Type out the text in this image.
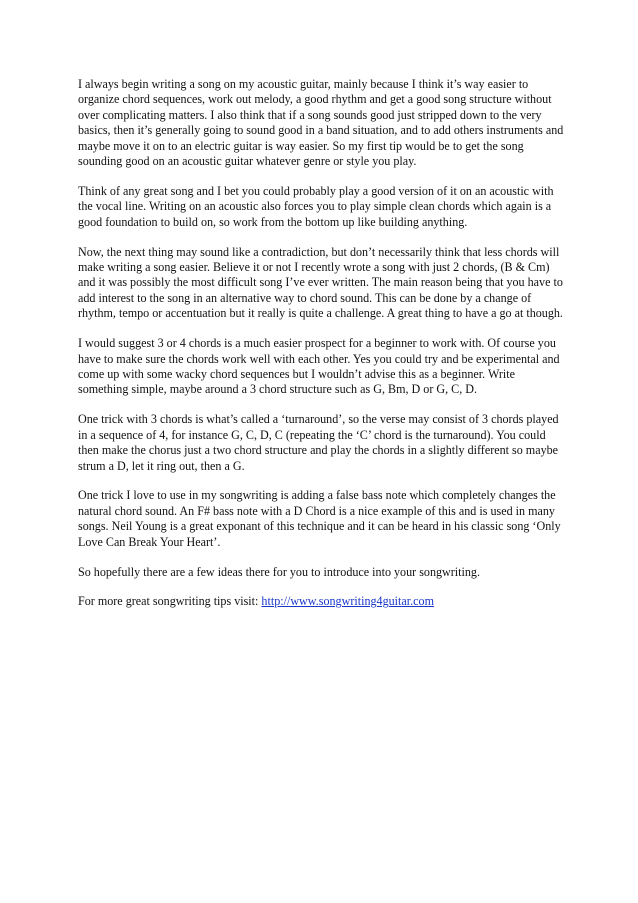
I always begin writing a song on my acoustic guitar, mainly because I think it’s way easier to organize chord sequences, work out melody, a good rhythm and get a good song structure without over complicating matters. I also think that if a song sounds good just stripped down to the very basics, then it’s generally going to sound good in a band situation, and to add others instruments and maybe move it on to an electric guitar is way easier. So my first tip would be to get the song sounding good on an acoustic guitar whatever genre or style you play.

Think of any great song and I bet you could probably play a good version of it on an acoustic with the vocal line. Writing on an acoustic also forces you to play simple clean chords which again is a good foundation to build on, so work from the bottom up like building anything.

Now, the next thing may sound like a contradiction, but don’t necessarily think that less chords will make writing a song easier. Believe it or not I recently wrote a song with just 2 chords, (B & Cm) and it was possibly the most difficult song I’ve ever written. The main reason being that you have to add interest to the song in an alternative way to chord sound. This can be done by a change of rhythm, tempo or accentuation but it really is quite a challenge. A great thing to have a go at though.

I would suggest 3 or 4 chords is a much easier prospect for a beginner to work with. Of course you have to make sure the chords work well with each other. Yes you could try and be experimental and come up with some wacky chord sequences but I wouldn’t advise this as a beginner. Write something simple, maybe around a 3 chord structure such as G, Bm, D or G, C, D.

One trick with 3 chords is what’s called a ‘turnaround’, so the verse may consist of 3 chords played in a sequence of 4, for instance G, C, D, C (repeating the ‘C’ chord is the turnaround). You could then make the chorus just a two chord structure and play the chords in a slightly different so maybe strum a D, let it ring out, then a G.

One trick I love to use in my songwriting is adding a false bass note which completely changes the natural chord sound. An F# bass note with a D Chord is a nice example of this and is used in many songs. Neil Young is a great exponant of this technique and it can be heard in his classic song ‘Only Love Can Break Your Heart’.

So hopefully there are a few ideas there for you to introduce into your songwriting.

For more great songwriting tips visit: http://www.songwriting4guitar.com
